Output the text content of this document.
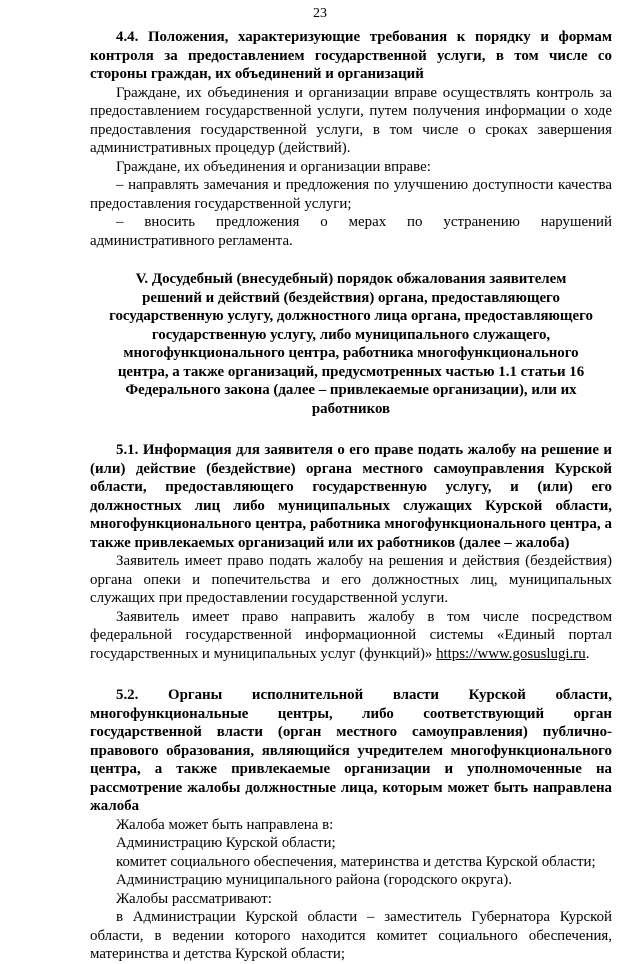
23

4.4. Положения, характеризующие требования к порядку и формам контроля за предоставлением государственной услуги, в том числе со стороны граждан, их объединений и организаций

Граждане, их объединения и организации вправе осуществлять контроль за предоставлением государственной услуги, путем получения информации о ходе предоставления государственной услуги, в том числе о сроках завершения административных процедур (действий).

Граждане, их объединения и организации вправе:

– направлять замечания и предложения по улучшению доступности качества предоставления государственной услуги;

– вносить предложения о мерах по устранению нарушений административного регламента.

V. Досудебный (внесудебный) порядок обжалования заявителем решений и действий (бездействия) органа, предоставляющего государственную услугу, должностного лица органа, предоставляющего государственную услугу, либо муниципального служащего, многофункционального центра, работника многофункционального центра, а также организаций, предусмотренных частью 1.1 статьи 16 Федерального закона (далее – привлекаемые организации), или их работников

5.1. Информация для заявителя о его праве подать жалобу на решение и (или) действие (бездействие) органа местного самоуправления Курской области, предоставляющего государственную услугу, и (или) его должностных лиц либо муниципальных служащих Курской области, многофункционального центра, работника многофункционального центра, а также привлекаемых организаций или их работников (далее – жалоба)

Заявитель имеет право подать жалобу на решения и действия (бездействия) органа опеки и попечительства и его должностных лиц, муниципальных служащих при предоставлении государственной услуги.

Заявитель имеет право направить жалобу в том числе посредством федеральной государственной информационной системы «Единый портал государственных и муниципальных услуг (функций)» https://www.gosuslugi.ru.

5.2. Органы исполнительной власти Курской области, многофункциональные центры, либо соответствующий орган государственной власти (орган местного самоуправления) публично-правового образования, являющийся учредителем многофункционального центра, а также привлекаемые организации и уполномоченные на рассмотрение жалобы должностные лица, которым может быть направлена жалоба

Жалоба может быть направлена в:

Администрацию Курской области;

комитет социального обеспечения, материнства и детства Курской области;

Администрацию муниципального района (городского округа).

Жалобы рассматривают:

в Администрации Курской области – заместитель Губернатора Курской области, в ведении которого находится комитет социального обеспечения, материнства и детства Курской области;
